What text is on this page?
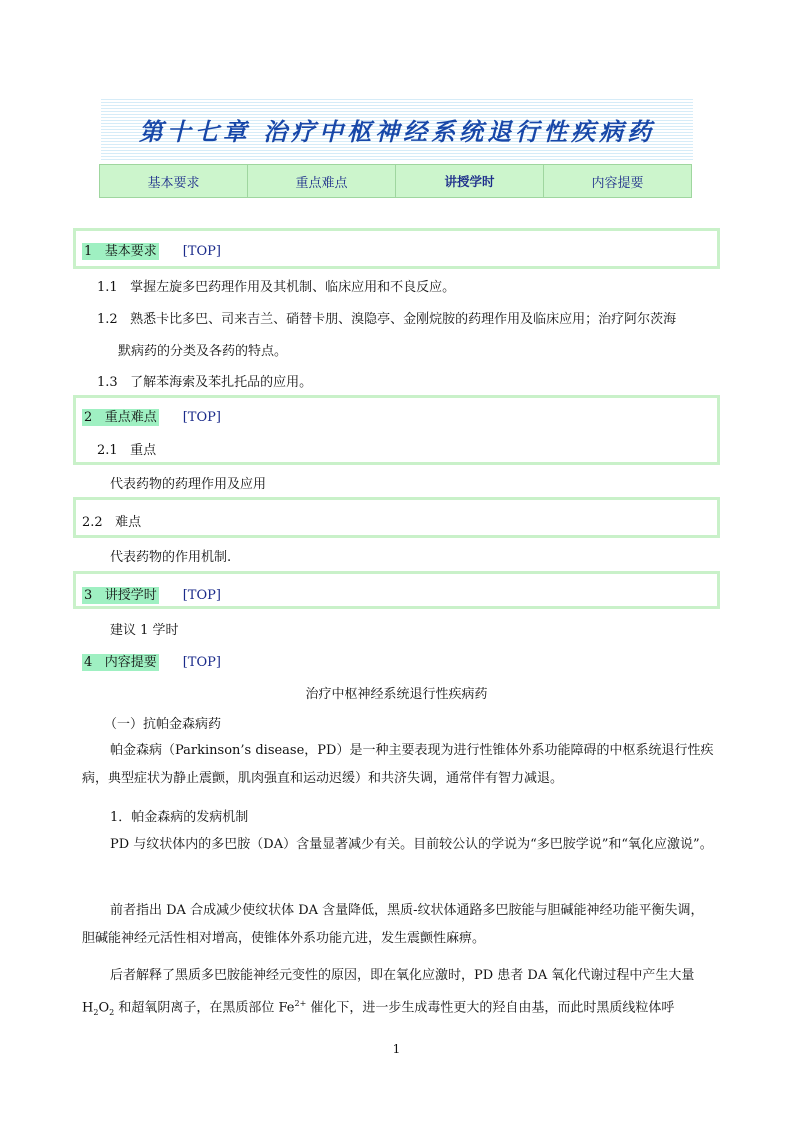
第十七章 治疗中枢神经系统退行性疾病药
基本要求	重点难点	讲授学时	内容提要
1 基本要求 [TOP]
1.1 掌握左旋多巴药理作用及其机制、临床应用和不良反应。
1.2 熟悉卡比多巴、司来吉兰、硝替卡朋、溴隐亭、金刚烷胺的药理作用及临床应用；治疗阿尔茨海
默病药的分类及各药的特点。
1.3 了解苯海索及苯扎托品的应用。
2 重点难点 [TOP]
2.1 重点
代表药物的药理作用及应用
2.2 难点
代表药物的作用机制.
3 讲授学时 [TOP]
建议 1 学时
4 内容提要 [TOP]
治疗中枢神经系统退行性疾病药
（一）抗帕金森病药
帕金森病（Parkinson’s disease，PD）是一种主要表现为进行性锥体外系功能障碍的中枢系统退行性疾病，典型症状为静止震颤，肌肉强直和运动迟缓）和共济失调，通常伴有智力减退。
1．帕金森病的发病机制
PD 与纹状体内的多巴胺（DA）含量显著减少有关。目前较公认的学说为“多巴胺学说”和“氧化应激说”。
前者指出 DA 合成减少使纹状体 DA 含量降低，黑质-纹状体通路多巴胺能与胆碱能神经功能平衡失调，胆碱能神经元活性相对增高，使锥体外系功能亢进，发生震颤性麻痹。
后者解释了黑质多巴胺能神经元变性的原因，即在氧化应激时，PD 患者 DA 氧化代谢过程中产生大量 $H_2O_2$ 和超氧阴离子，在黑质部位 $Fe^{2+}$ 催化下，进一步生成毒性更大的羟自由基，而此时黑质线粒体呼
1
